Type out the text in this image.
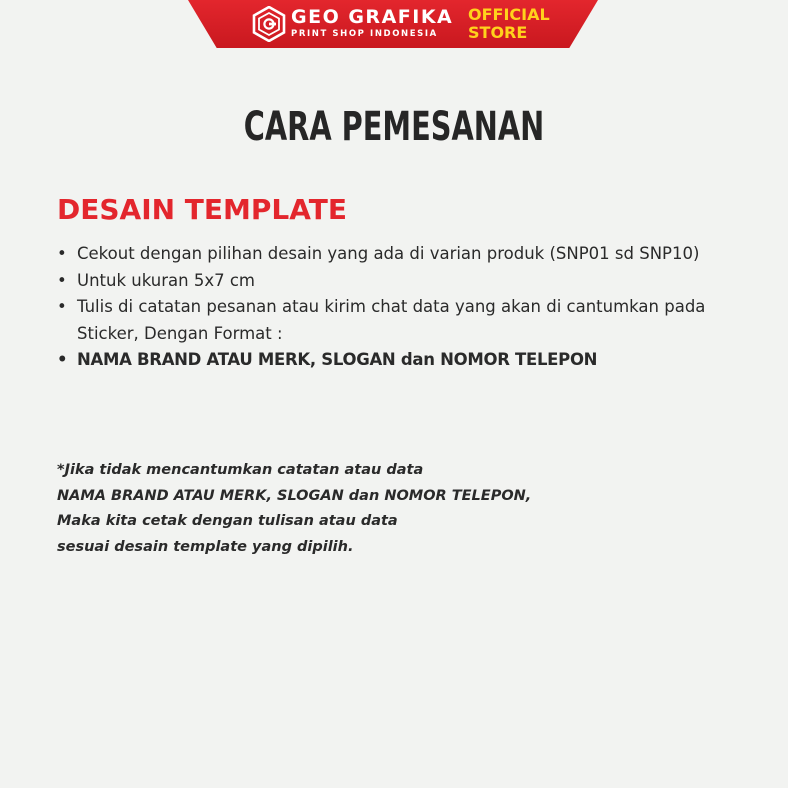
GEO GRAFIKA
PRINT SHOP INDONESIA
OFFICIAL
STORE
CARA PEMESANAN
DESAIN TEMPLATE
• Cekout dengan pilihan desain yang ada di varian produk (SNP01 sd SNP10)
• Untuk ukuran 5x7 cm
• Tulis di catatan pesanan atau kirim chat data yang akan di cantumkan pada Sticker, Dengan Format :
• NAMA BRAND ATAU MERK, SLOGAN dan NOMOR TELEPON
*Jika tidak mencantumkan catatan atau data
NAMA BRAND ATAU MERK, SLOGAN dan NOMOR TELEPON,
Maka kita cetak dengan tulisan atau data
sesuai desain template yang dipilih.
